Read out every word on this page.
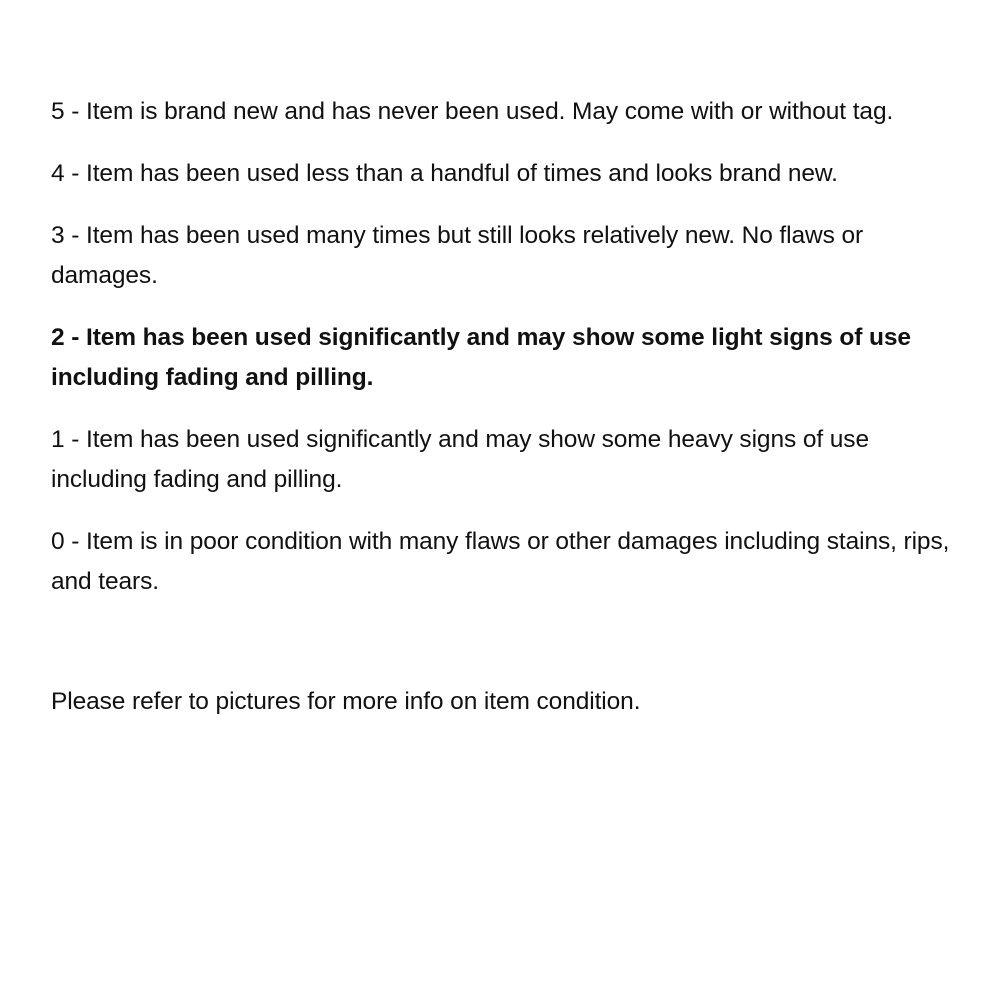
5 - Item is brand new and has never been used. May come with or without tag.

4 - Item has been used less than a handful of times and looks brand new.

3 - Item has been used many times but still looks relatively new. No flaws or damages.

2 - Item has been used significantly and may show some light signs of use including fading and pilling.

1 - Item has been used significantly and may show some heavy signs of use including fading and pilling.

0 - Item is in poor condition with many flaws or other damages including stains, rips, and tears.

Please refer to pictures for more info on item condition.
